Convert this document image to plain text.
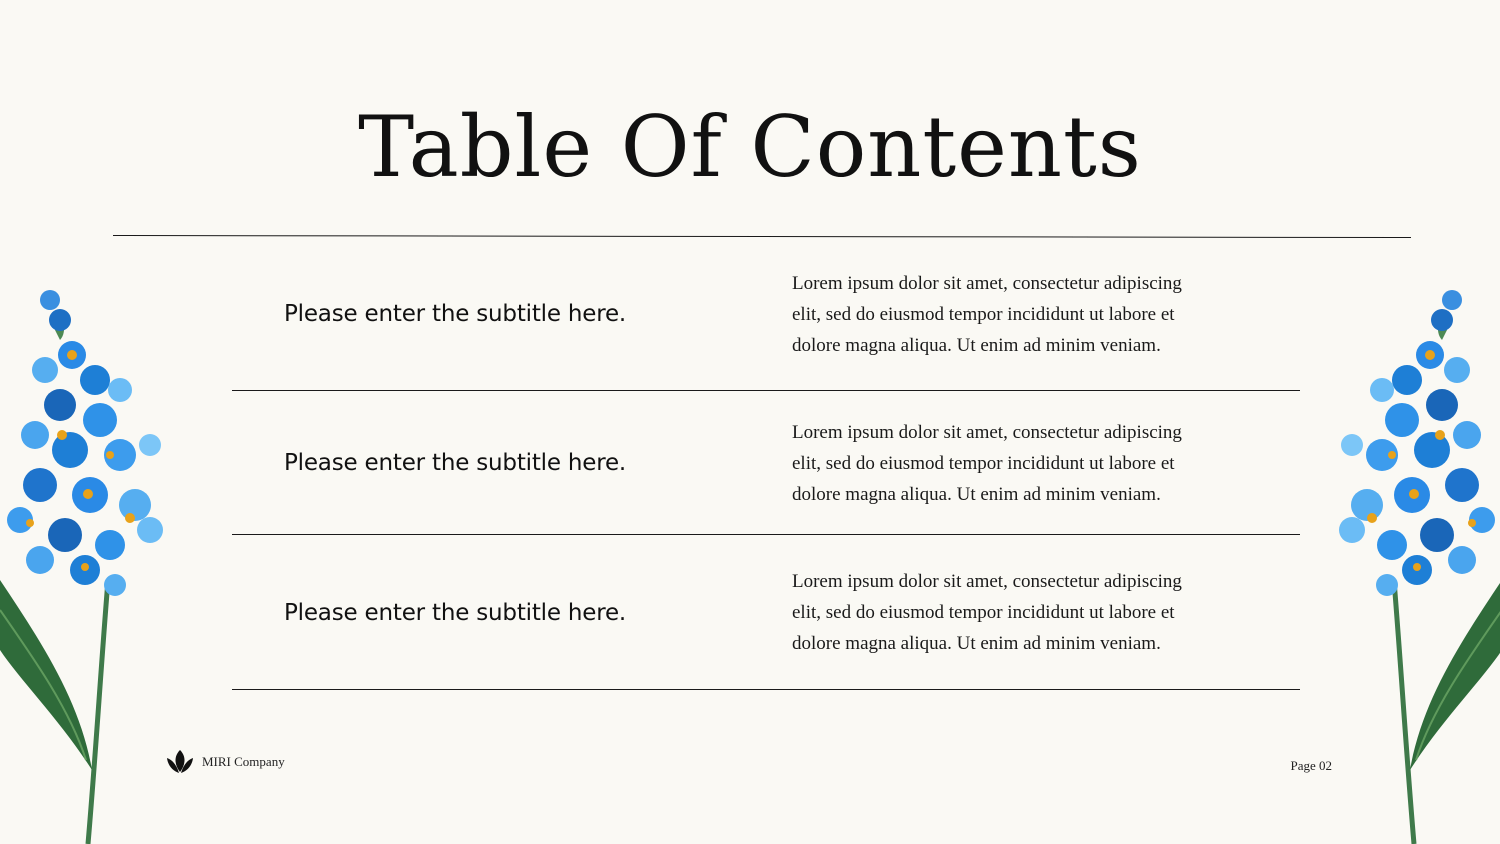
Table Of Contents
Please enter the subtitle here.
Lorem ipsum dolor sit amet, consectetur adipiscing
elit, sed do eiusmod tempor incididunt ut labore et
dolore magna aliqua. Ut enim ad minim veniam.
Please enter the subtitle here.
Lorem ipsum dolor sit amet, consectetur adipiscing
elit, sed do eiusmod tempor incididunt ut labore et
dolore magna aliqua. Ut enim ad minim veniam.
Please enter the subtitle here.
Lorem ipsum dolor sit amet, consectetur adipiscing
elit, sed do eiusmod tempor incididunt ut labore et
dolore magna aliqua. Ut enim ad minim veniam.
MIRI Company	Page 02
